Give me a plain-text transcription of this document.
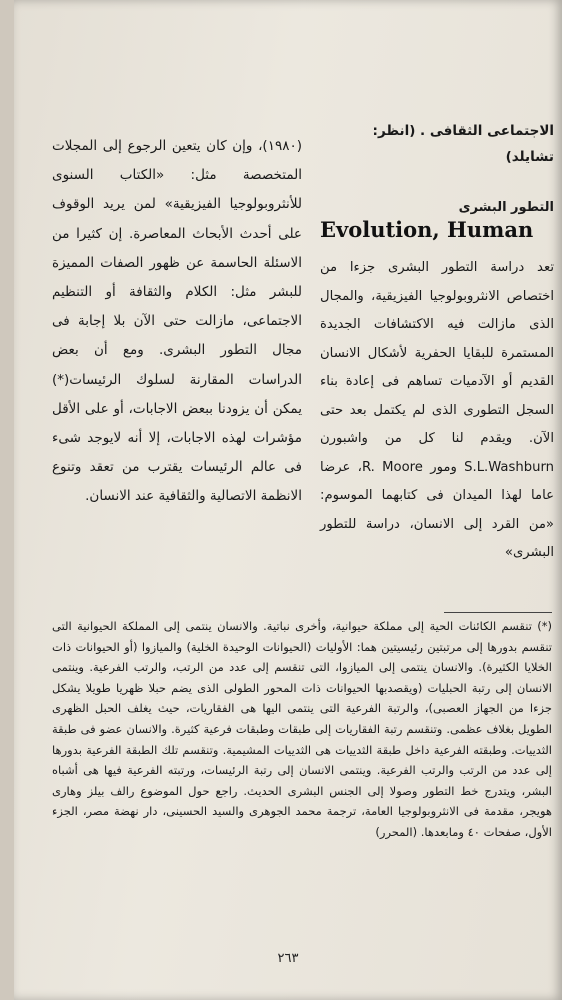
الاجتماعى الثقافى . (انظر: تشايلد)
التطور البشرى
Evolution, Human

تعد دراسة التطور البشرى جزءا من اختصاص الانثروبولوجيا الفيزيقية، والمجال الذى مازالت فيه الاكتشافات الجديدة المستمرة للبقايا الحفرية لأشكال الانسان القديم أو الآدميات تساهم فى إعادة بناء السجل التطورى الذى لم يكتمل بعد حتى الآن. ويقدم لنا كل من واشبورن S.L.Washburn ومور R. Moore، عرضا عاما لهذا الميدان فى كتابهما الموسوم: «من القرد إلى الانسان، دراسة للتطور البشرى»

(١٩٨٠)، وإن كان يتعين الرجوع إلى المجلات المتخصصة مثل: «الكتاب السنوى للأنثروبولوجيا الفيزيقية» لمن يريد الوقوف على أحدث الأبحاث المعاصرة. إن كثيرا من الاسئلة الحاسمة عن ظهور الصفات المميزة للبشر مثل: الكلام والثقافة أو التنظيم الاجتماعى، مازالت حتى الآن بلا إجابة فى مجال التطور البشرى. ومع أن بعض الدراسات المقارنة لسلوك الرئيسات(*) يمكن أن يزودنا ببعض الاجابات، أو على الأقل مؤشرات لهذه الاجابات، إلا أنه لايوجد شىء فى عالم الرئيسات يقترب من تعقد وتنوع الانظمة الاتصالية والثقافية عند الانسان.

(*) تنقسم الكائنات الحية إلى مملكة حيوانية، وأخرى نباتية. والانسان ينتمى إلى المملكة الحيوانية التى تنقسم بدورها إلى مرتبتين رئيسيتين هما: الأوليات (الحيوانات الوحيدة الخلية) والميازوا (أو الحيوانات ذات الخلايا الكثيرة). والانسان ينتمى إلى الميازوا، التى تنقسم إلى عدد من الرتب، والرتب الفرعية. وينتمى الانسان إلى رتبة الحبليات (ويقصدبها الحيوانات ذات المحور الطولى الذى يضم حبلا ظهريا طويلا يشكل جزءا من الجهاز العصبى)، والرتبة الفرعية التى ينتمى اليها هى الفقاريات، حيث يغلف الحبل الظهرى الطويل بغلاف عظمى. وتنقسم رتبة الفقاريات إلى طبقات وطبقات فرعية كثيرة. والانسان عضو فى طبقة الثدييات. وطبقته الفرعية داخل طبقة الثدييات هى الثدييات المشيمية. وتنقسم تلك الطبقة الفرعية بدورها إلى عدد من الرتب والرتب الفرعية. وينتمى الانسان إلى رتبة الرئيسات، ورتبته الفرعية فيها هى أشباه البشر، ويتدرج خط التطور وصولا إلى الجنس البشرى الحديث. راجع حول الموضوع رالف بيلز وهارى هويجر، مقدمة فى الانثروبولوجيا العامة، ترجمة محمد الجوهرى والسيد الحسينى، دار نهضة مصر، الجزء الأول، صفحات ٤٠ ومابعدها. (المحرر)

٢٦٣
